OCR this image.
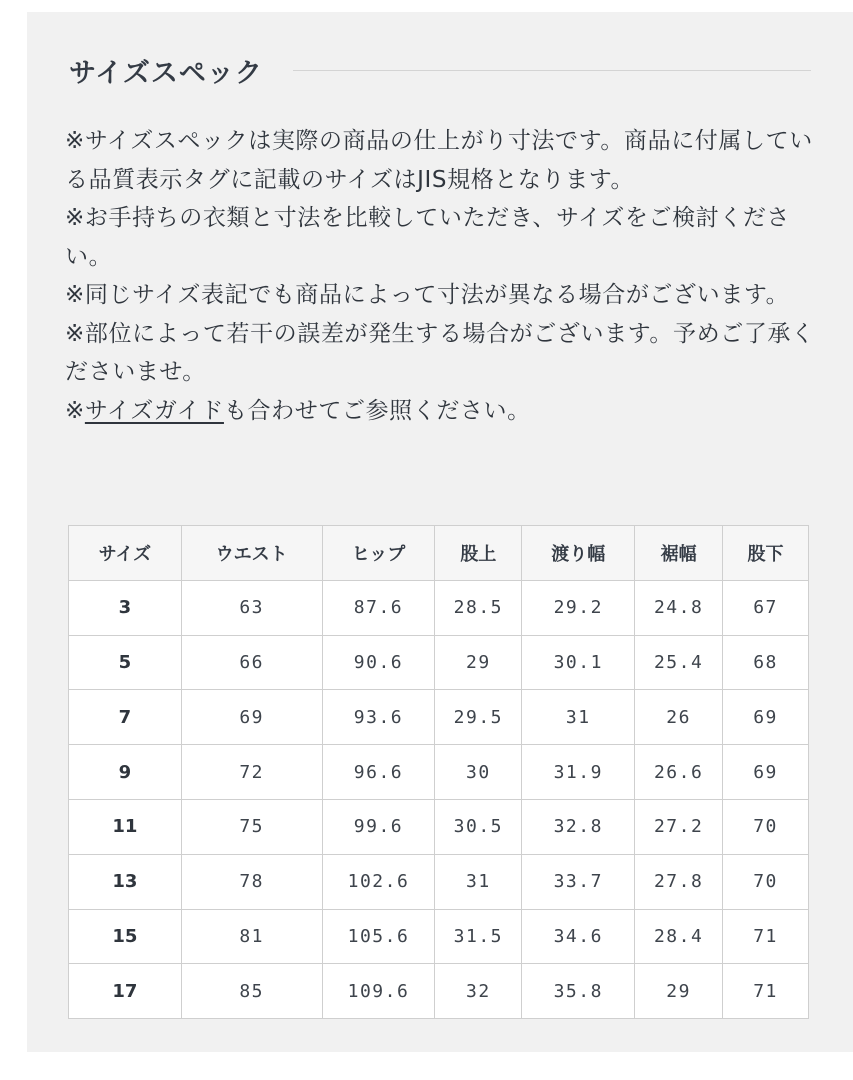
サイズスペック

※サイズスペックは実際の商品の仕上がり寸法です。商品に付属している品質表示タグに記載のサイズはJIS規格となります。

※お手持ちの衣類と寸法を比較していただき、サイズをご検討ください。

※同じサイズ表記でも商品によって寸法が異なる場合がございます。

※部位によって若干の誤差が発生する場合がございます。予めご了承くださいませ。

※サイズガイドも合わせてご参照ください。

サイズ	ウエスト	ヒップ	股上	渡り幅	裾幅	股下
3	63	87.6	28.5	29.2	24.8	67
5	66	90.6	29	30.1	25.4	68
7	69	93.6	29.5	31	26	69
9	72	96.6	30	31.9	26.6	69
11	75	99.6	30.5	32.8	27.2	70
13	78	102.6	31	33.7	27.8	70
15	81	105.6	31.5	34.6	28.4	71
17	85	109.6	32	35.8	29	71
